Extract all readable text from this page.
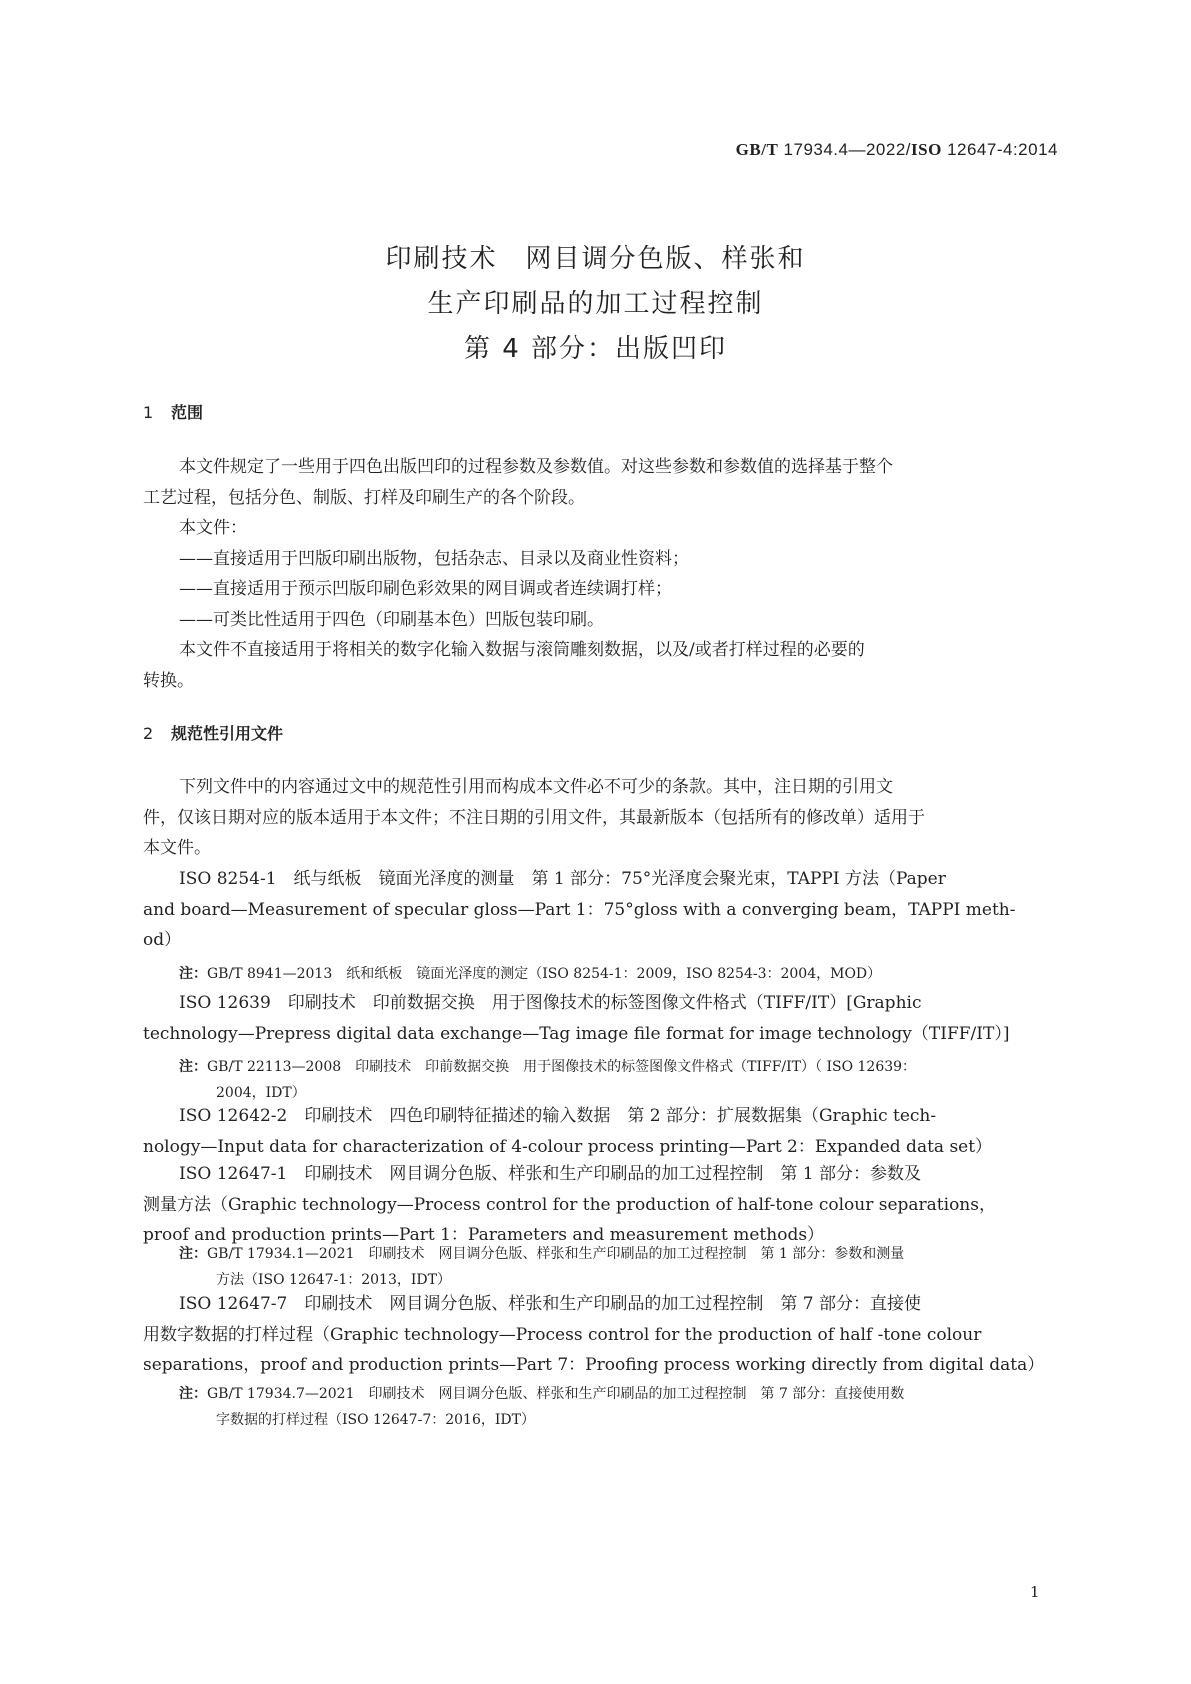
GB/T 17934.4—2022/ISO 12647-4:2014
印刷技术　网目调分色版、样张和
生产印刷品的加工过程控制
第 4 部分：出版凹印
1 范围
本文件规定了一些用于四色出版凹印的过程参数及参数值。对这些参数和参数值的选择基于整个
工艺过程，包括分色、制版、打样及印刷生产的各个阶段。
本文件：
——直接适用于凹版印刷出版物，包括杂志、目录以及商业性资料；
——直接适用于预示凹版印刷色彩效果的网目调或者连续调打样；
——可类比性适用于四色（印刷基本色）凹版包装印刷。
本文件不直接适用于将相关的数字化输入数据与滚筒雕刻数据，以及/或者打样过程的必要的
转换。
2 规范性引用文件
下列文件中的内容通过文中的规范性引用而构成本文件必不可少的条款。其中，注日期的引用文
件，仅该日期对应的版本适用于本文件；不注日期的引用文件，其最新版本（包括所有的修改单）适用于
本文件。
ISO 8254-1　纸与纸板　镜面光泽度的测量　第 1 部分：75°光泽度会聚光束，TAPPI 方法（Paper
and board—Measurement of specular gloss—Part 1：75°gloss with a converging beam，TAPPI meth-
od）
注：GB/T 8941—2013　纸和纸板　镜面光泽度的测定（ISO 8254-1：2009，ISO 8254-3：2004，MOD）
ISO 12639　印刷技术　印前数据交换　用于图像技术的标签图像文件格式（TIFF/IT）[Graphic
technology—Prepress digital data exchange—Tag image file format for image technology（TIFF/IT）]
注：GB/T 22113—2008　印刷技术　印前数据交换　用于图像技术的标签图像文件格式（TIFF/IT）（ ISO 12639：
2004，IDT）
ISO 12642-2　印刷技术　四色印刷特征描述的输入数据　第 2 部分：扩展数据集（Graphic tech-
nology—Input data for characterization of 4-colour process printing—Part 2：Expanded data set）
ISO 12647-1　印刷技术　网目调分色版、样张和生产印刷品的加工过程控制　第 1 部分：参数及
测量方法（Graphic technology—Process control for the production of half-tone colour separations，
proof and production prints—Part 1：Parameters and measurement methods）
注：GB/T 17934.1—2021　印刷技术　网目调分色版、样张和生产印刷品的加工过程控制　第 1 部分：参数和测量
方法（ISO 12647-1：2013，IDT）
ISO 12647-7　印刷技术　网目调分色版、样张和生产印刷品的加工过程控制　第 7 部分：直接使
用数字数据的打样过程（Graphic technology—Process control for the production of half -tone colour
separations，proof and production prints—Part 7：Proofing process working directly from digital data）
注：GB/T 17934.7—2021　印刷技术　网目调分色版、样张和生产印刷品的加工过程控制　第 7 部分：直接使用数
字数据的打样过程（ISO 12647-7：2016，IDT）
1
